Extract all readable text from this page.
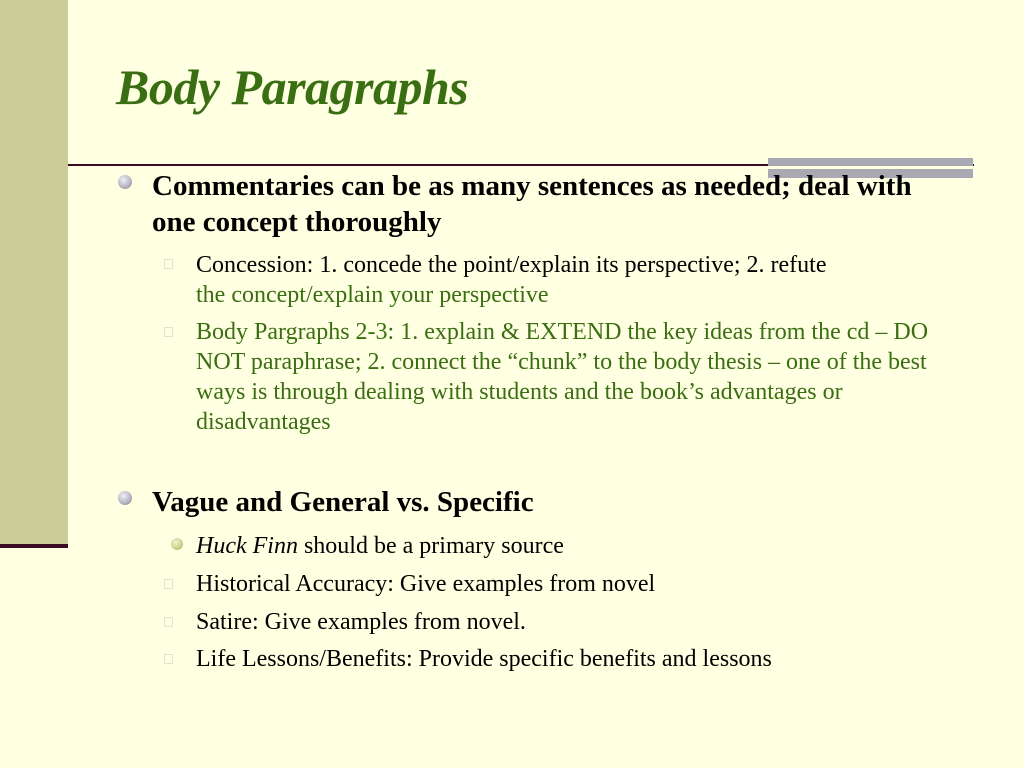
Body Paragraphs
Commentaries can be as many sentences as needed; deal with one concept thoroughly
Concession: 1. concede the point/explain its perspective; 2. refute
the concept/explain your perspective
Body Pargraphs 2-3: 1. explain & EXTEND the key ideas from the cd – DO NOT paraphrase; 2. connect the “chunk” to the body thesis – one of the best ways is through dealing with students and the book’s advantages or disadvantages
Vague and General vs. Specific
Huck Finn should be a primary source
Historical Accuracy: Give examples from novel
Satire: Give examples from novel.
Life Lessons/Benefits: Provide specific benefits and lessons
